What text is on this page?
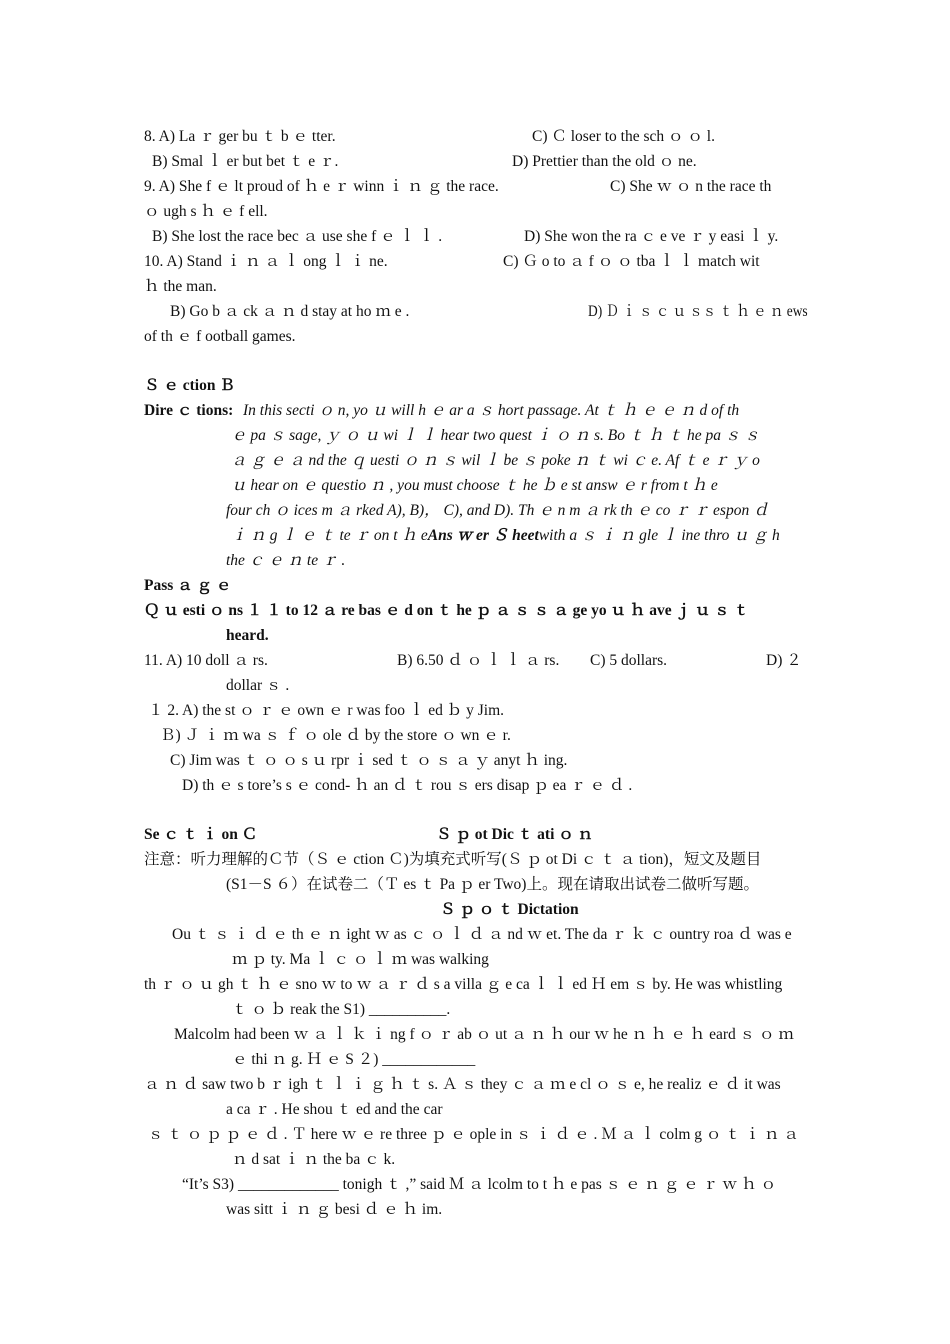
8. A) La ｒ ger bu ｔ b ｅ tter.	C) Ｃ loser to the sch ｏ ｏ l.
B) Smal ｌ er but bet ｔ e ｒ.	D) Prettier than the old ｏ ne.
9. A) She f ｅ lt proud of ｈ e ｒ winn ｉ ｎ ｇ the race.	C) She ｗ ｏ n the race th
ｏ ugh s ｈ ｅ f ell.
B) She lost the race bec ａ use she f ｅ ｌ ｌ .	D) She won the ra ｃ e ve ｒ y easi ｌ y.
10. A) Stand ｉ ｎ ａ ｌ ong ｌ ｉ ne.	C) Ｇ o to ａ f ｏ ｏ tba ｌ ｌ match wit
ｈ the man.
B) Go b ａ ck ａ ｎ d stay at ho ｍ e .	D) Ｄ ｉ ｓ ｃ ｕ ｓｓ ｔ ｈ ｅ ｎ ews
of th ｅ f ootball games.
Ｓ ｅ ction Ｂ
Dire ｃ tions: In this secti ｏ n, yo ｕ will h ｅ ar a ｓ hort passage. At ｔ ｈ ｅ ｅ ｎ d of th
ｅ pa ｓ sage, ｙ ｏ ｕ wi ｌ ｌ hear two quest ｉ ｏ ｎ s. Bo ｔ ｈ ｔ he pa ｓ ｓ
ａ ｇ ｅ ａ nd the ｑ uesti ｏ ｎ ｓ wil ｌ be ｓ poke ｎ ｔ wi ｃ e. Af ｔ e ｒ ｙ o
ｕ hear on ｅ questio ｎ , you must choose ｔ he ｂ e st answ ｅ r from t ｈ e
four ch ｏ ices m ａ rked A), B)， C), and D). Th ｅ n m ａ rk th ｅ co ｒ ｒ espon ｄ
ｉ ｎ g ｌ ｅ ｔ te ｒ on t ｈ eAns ｗ er Ｓ heetwith a ｓ ｉ ｎ gle ｌ ine thro ｕ ｇ h
the ｃ ｅ ｎ te ｒ .
Pass ａ ｇ ｅ
Ｑ ｕ esti ｏ ns １ １ to 12 ａ re bas ｅ d on ｔ he ｐ ａ ｓ ｓ ａ ge yo ｕ ｈ ave ｊ ｕ ｓ ｔ
heard.
11. A) 10 doll ａ rs.	B) 6.50 ｄ ｏ ｌ ｌ ａ rs. C) 5 dollars.	D) ２
dollar ｓ .
１ 2. A) the st ｏ ｒ ｅ own ｅ r was foo ｌ ed ｂ y Jim.
Ｂ) Ｊ ｉ ｍ wa ｓ ｆ ｏ ole ｄ by the store ｏ wn ｅ r.
C) Jim was ｔ ｏ ｏ s ｕ rpr ｉ sed ｔ ｏ ｓ ａ ｙ anyt ｈ ing.
D) th ｅ s tore’s s ｅ cond- ｈ an ｄ ｔ rou ｓ ers disap ｐ ea ｒ ｅ ｄ .
Se ｃ ｔ ｉ on Ｃ	Ｓ ｐ ot Dic ｔ ati ｏ ｎ
注意：听力理解的Ｃ节（Ｓ ｅ ction Ｃ)为填充式听写(Ｓ ｐ ot Di ｃ ｔ ａ tion)，短文及题目
(S1－S ６）在试卷二（Ｔ es ｔ Pa ｐ er Two)上。现在请取出试卷二做听写题。
Ｓ ｐ ｏ ｔ Dictation
Ou ｔ ｓ ｉ ｄ ｅ th ｅ ｎ ight ｗ as ｃ ｏ ｌ ｄ ａ nd ｗ et. The da ｒ ｋ ｃ ountry roa ｄ was e
ｍ ｐ ty. Ma ｌ ｃ ｏ ｌ ｍ was walking
th ｒ ｏ ｕ gh ｔ ｈ ｅ sno ｗ to ｗ ａ ｒ ｄ s a villa ｇ e ca ｌ ｌ ed Ｈ em ｓ by. He was whistling
ｔ ｏ ｂ reak the S1) __________.
Malcolm had been ｗ ａ ｌ ｋ ｉ ng f ｏ ｒ ab ｏ ut ａ ｎ ｈ our ｗ he ｎ ｈ ｅ ｈ eard ｓ ｏ ｍ
ｅ thi ｎ g. Ｈ ｅ S ２) ____________
ａ ｎ ｄ saw two b ｒ igh ｔ ｌ ｉ ｇ ｈ ｔ s. Ａ ｓ they ｃ ａ ｍ e cl ｏ ｓ e, he realiz ｅ ｄ it was
a ca ｒ . He shou ｔ ed and the car
ｓ ｔ ｏ ｐ ｐ ｅ ｄ . Ｔ here ｗ ｅ re three ｐ ｅ ople in ｓ ｉ ｄ ｅ . Ｍ ａ ｌ colm g ｏ ｔ ｉ ｎ ａ
ｎ d sat ｉ ｎ the ba ｃ k.
“It’s S3) _____________ tonigh ｔ ,” said Ｍ ａ lcolm to t ｈ e pas ｓ ｅ ｎ ｇ ｅ ｒ ｗ ｈ ｏ
was sitt ｉ ｎ ｇ besi ｄ ｅ ｈ im.
